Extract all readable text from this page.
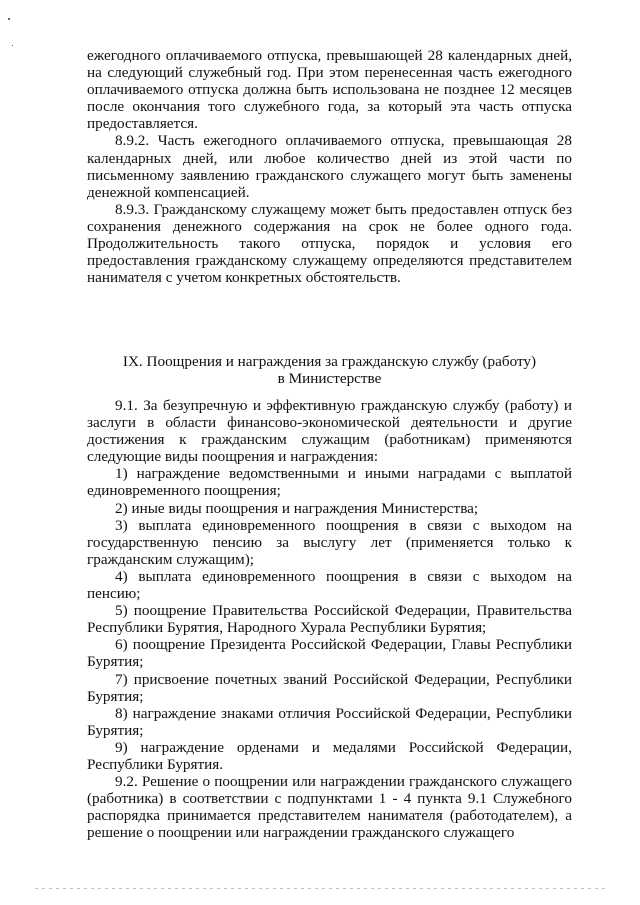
ежегодного оплачиваемого отпуска, превышающей 28 календарных дней, на следующий служебный год. При этом перенесенная часть ежегодного оплачиваемого отпуска должна быть использована не позднее 12 месяцев после окончания того служебного года, за который эта часть отпуска предоставляется.

8.9.2. Часть ежегодного оплачиваемого отпуска, превышающая 28 календарных дней, или любое количество дней из этой части по письменному заявлению гражданского служащего могут быть заменены денежной компенсацией.

8.9.3. Гражданскому служащему может быть предоставлен отпуск без сохранения денежного содержания на срок не более одного года. Продолжительность такого отпуска, порядок и условия его предоставления гражданскому служащему определяются представителем нанимателя с учетом конкретных обстоятельств.

IX. Поощрения и награждения за гражданскую службу (работу)
в Министерстве

9.1. За безупречную и эффективную гражданскую службу (работу) и заслуги в области финансово-экономической деятельности и другие достижения к гражданским служащим (работникам) применяются следующие виды поощрения и награждения:

1) награждение ведомственными и иными наградами с выплатой единовременного поощрения;

2) иные виды поощрения и награждения Министерства;

3) выплата единовременного поощрения в связи с выходом на государственную пенсию за выслугу лет (применяется только к гражданским служащим);

4) выплата единовременного поощрения в связи с выходом на пенсию;

5) поощрение Правительства Российской Федерации, Правительства Республики Бурятия, Народного Хурала Республики Бурятия;

6) поощрение Президента Российской Федерации, Главы Республики Бурятия;

7) присвоение почетных званий Российской Федерации, Республики Бурятия;

8) награждение знаками отличия Российской Федерации, Республики Бурятия;

9) награждение орденами и медалями Российской Федерации, Республики Бурятия.

9.2. Решение о поощрении или награждении гражданского служащего (работника) в соответствии с подпунктами 1 - 4 пункта 9.1 Служебного распорядка принимается представителем нанимателя (работодателем), а решение о поощрении или награждении гражданского служащего
